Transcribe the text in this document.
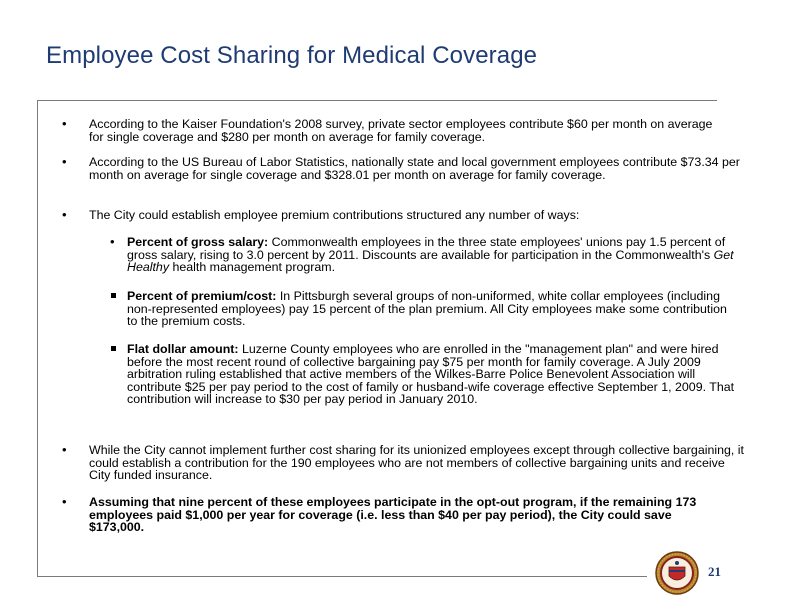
Employee Cost Sharing for Medical Coverage
•	According to the Kaiser Foundation's 2008 survey, private sector employees contribute $60 per month on average for single coverage and $280 per month on average for family coverage.
•	According to the US Bureau of Labor Statistics, nationally state and local government employees contribute $73.34 per month on average for single coverage and $328.01 per month on average for family coverage.
•	The City could establish employee premium contributions structured any number of ways:
•	Percent of gross salary: Commonwealth employees in the three state employees' unions pay 1.5 percent of gross salary, rising to 3.0 percent by 2011. Discounts are available for participation in the Commonwealth's Get Healthy health management program.
Percent of premium/cost: In Pittsburgh several groups of non-uniformed, white collar employees (including non-represented employees) pay 15 percent of the plan premium. All City employees make some contribution to the premium costs.
Flat dollar amount: Luzerne County employees who are enrolled in the "management plan" and were hired before the most recent round of collective bargaining pay $75 per month for family coverage. A July 2009 arbitration ruling established that active members of the Wilkes-Barre Police Benevolent Association will contribute $25 per pay period to the cost of family or husband-wife coverage effective September 1, 2009. That contribution will increase to $30 per pay period in January 2010.
•	While the City cannot implement further cost sharing for its unionized employees except through collective bargaining, it could establish a contribution for the 190 employees who are not members of collective bargaining units and receive City funded insurance.
•	Assuming that nine percent of these employees participate in the opt-out program, if the remaining 173 employees paid $1,000 per year for coverage (i.e. less than $40 per pay period), the City could save $173,000.
21
